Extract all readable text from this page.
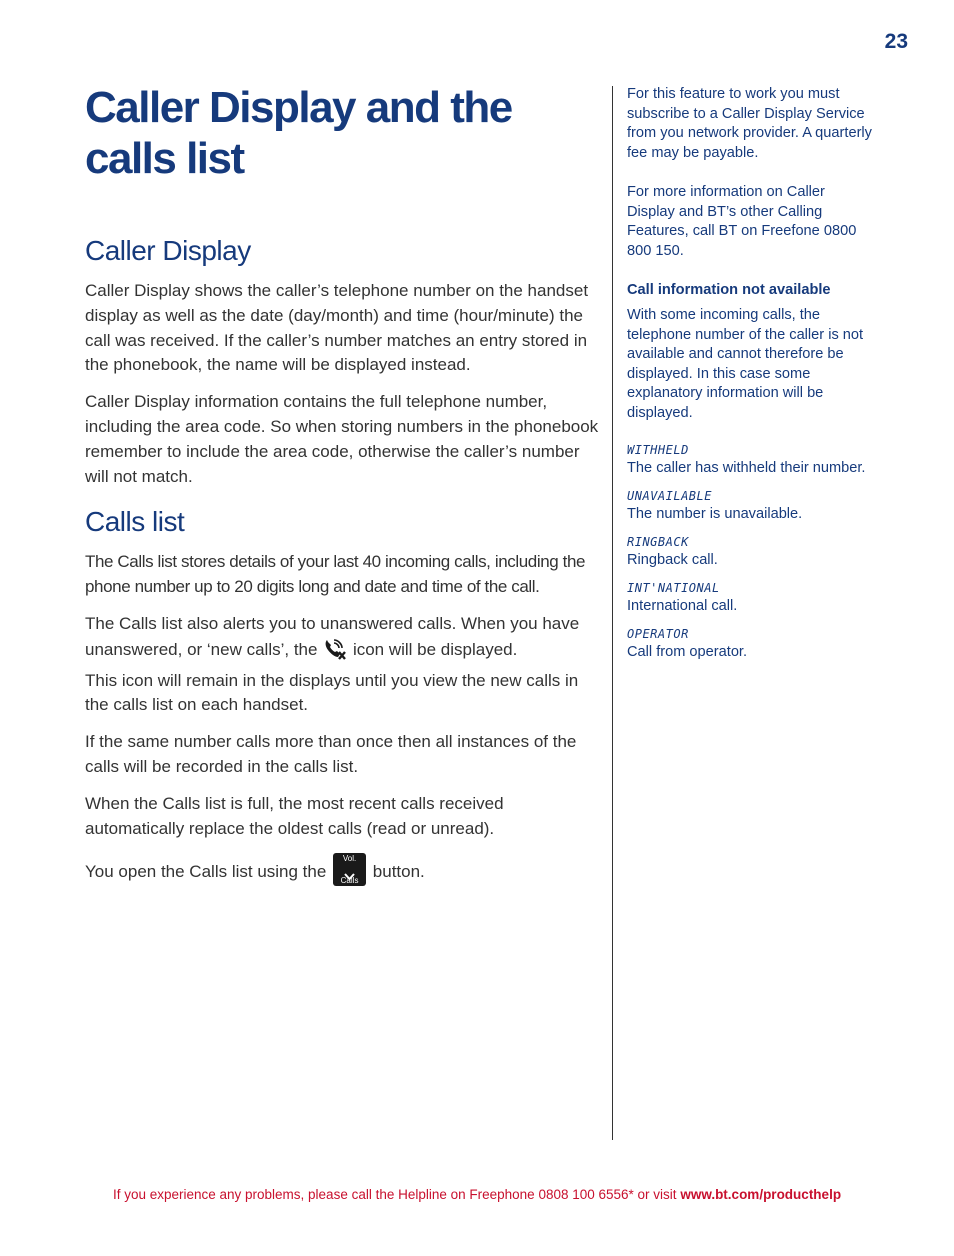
23
Caller Display and the calls list
Caller Display

Caller Display shows the caller’s telephone number on the handset display as well as the date (day/month) and time (hour/minute) the call was received. If the caller’s number matches an entry stored in the phonebook, the name will be displayed instead.

Caller Display information contains the full telephone number, including the area code. So when storing numbers in the phonebook remember to include the area code, otherwise the caller’s number will not match.

Calls list

The Calls list stores details of your last 40 incoming calls, including the phone number up to 20 digits long and date and time of the call.

The Calls list also alerts you to unanswered calls. When you have unanswered, or ‘new calls’, the icon will be displayed.
This icon will remain in the displays until you view the new calls in the calls list on each handset.

If the same number calls more than once then all instances of the calls will be recorded in the calls list.

When the Calls list is full, the most recent calls received automatically replace the oldest calls (read or unread).

You open the Calls list using the
Vol.
Calls button.

For this feature to work you must subscribe to a Caller Display Service from you network provider. A quarterly fee may be payable.

For more information on Caller Display and BT’s other Calling Features, call BT on Freefone 0800 800 150.

Call information not available

With some incoming calls, the telephone number of the caller is not available and cannot therefore be displayed. In this case some explanatory information will be displayed.

WITHHELD
The caller has withheld their number.
UNAVAILABLE
The number is unavailable.
RINGBACK
Ringback call.
INT'NATIONAL
International call.
OPERATOR
Call from operator.
If you experience any problems, please call the Helpline on Freephone 0808 100 6556* or visit www.bt.com/producthelp
